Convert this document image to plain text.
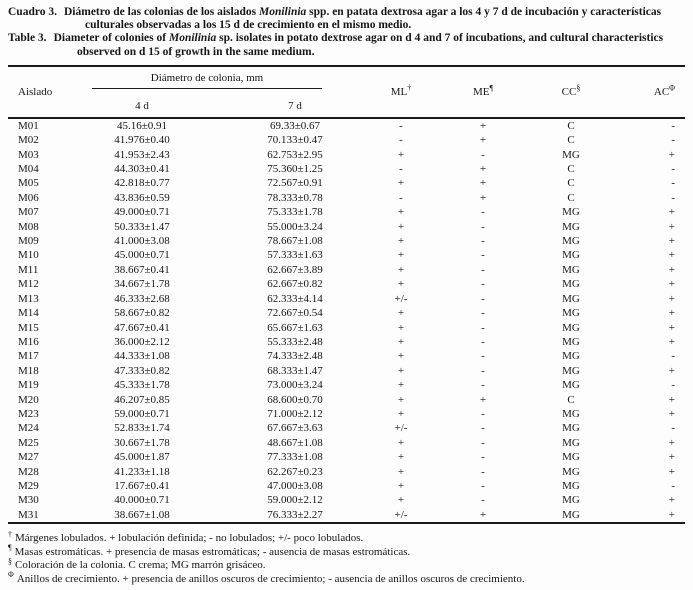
Cuadro 3. Diámetro de las colonias de los aislados Monilinia spp. en patata dextrosa agar a los 4 y 7 d de incubación y características culturales observadas a los 15 d de crecimiento en el mismo medio.

Table 3. Diameter of colonies of Monilinia sp. isolates in potato dextrose agar on d 4 and 7 of incubations, and cultural characteristics observed on d 15 of growth in the same medium.

Aislado	Diámetro de colonia, mm		ML†	ME¶	CC§	$AC^\Phi$
	4 d	7 d				
M01	45.16±0.91	69.33±0.67	-	+	C	-
M02	41.976±0.40	70.133±0.47	-	+	C	-
M03	41.953±2.43	62.753±2.95	+	-	MG	+
M04	44.303±0.41	75.360±1.25	-	+	C	-
M05	42.818±0.77	72.567±0.91	+	+	C	-
M06	43.836±0.59	78.333±0.78	-	+	C	-
M07	49.000±0.71	75.333±1.78	+	-	MG	+
M08	50.333±1.47	55.000±3.24	+	-	MG	+
M09	41.000±3.08	78.667±1.08	+	-	MG	+
M10	45.000±0.71	57.333±1.63	+	-	MG	+
M11	38.667±0.41	62.667±3.89	+	-	MG	+
M12	34.667±1.78	62.667±0.82	+	-	MG	+
M13	46.333±2.68	62.333±4.14	+/-	-	MG	+
M14	58.667±0.82	72.667±0.54	+	-	MG	+
M15	47.667±0.41	65.667±1.63	+	-	MG	+
M16	36.000±2.12	55.333±2.48	+	-	MG	+
M17	44.333±1.08	74.333±2.48	+	-	MG	-
M18	47.333±0.82	68.333±1.47	+	-	MG	+
M19	45.333±1.78	73.000±3.24	+	-	MG	-
M20	46.207±0.85	68.600±0.70	+	+	C	+
M23	59.000±0.71	71.000±2.12	+	-	MG	+
M24	52.833±1.74	67.667±3.63	+/-	-	MG	-
M25	30.667±1.78	48.667±1.08	+	-	MG	+
M27	45.000±1.87	77.333±1.08	+	-	MG	+
M28	41.233±1.18	62.267±0.23	+	-	MG	+
M29	17.667±0.41	47.000±3.08	+	-	MG	-
M30	40.000±0.71	59.000±2.12	+	-	MG	+
M31	38.667±1.08	76.333±2.27	+/-	+	MG	+

† Márgenes lobulados. + lobulación definida; - no lobulados; +/- poco lobulados.

¶ Masas estromáticas. + presencia de masas estromáticas; - ausencia de masas estromáticas.

§ Coloración de la colonia. C crema; MG marrón grisáceo.

$^\Phi$ Anillos de crecimiento. + presencia de anillos oscuros de crecimiento; - ausencia de anillos oscuros de crecimiento.
